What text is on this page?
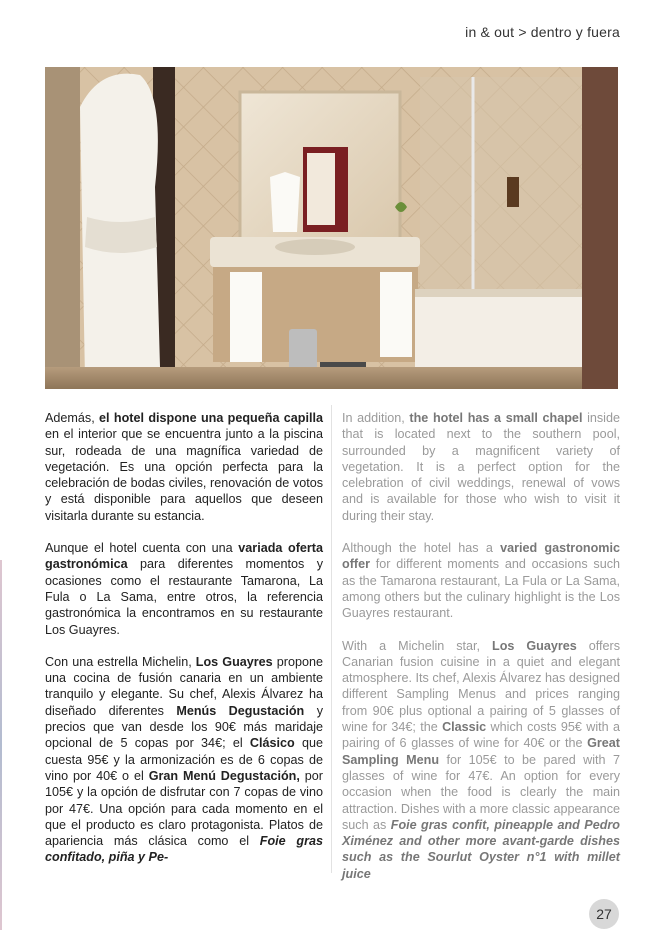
in & out > dentro y fuera

Además, el hotel dispone una pequeña capilla en el interior que se encuentra junto a la piscina sur, rodeada de una magnífica variedad de vegetación. Es una opción perfecta para la celebración de bodas civiles, renovación de votos y está disponible para aquellos que deseen visitarla durante su estancia.

Aunque el hotel cuenta con una variada oferta gastronómica para diferentes momentos y ocasiones como el restaurante Tamarona, La Fula o La Sama, entre otros, la referencia gastronómica la encontramos en su restaurante Los Guayres.

Con una estrella Michelin, Los Guayres propone una cocina de fusión canaria en un ambiente tranquilo y elegante. Su chef, Alexis Álvarez ha diseñado diferentes Menús Degustación y precios que van desde los 90€ más maridaje opcional de 5 copas por 34€; el Clásico que cuesta 95€ y la armonización es de 6 copas de vino por 40€ o el Gran Menú Degustación, por 105€ y la opción de disfrutar con 7 copas de vino por 47€. Una opción para cada momento en el que el producto es claro protagonista. Platos de apariencia más clásica como el Foie gras confitado, piña y Pe-

In addition, the hotel has a small chapel inside that is located next to the southern pool, surrounded by a magnificent variety of vegetation. It is a perfect option for the celebration of civil weddings, renewal of vows and is available for those who wish to visit it during their stay.

Although the hotel has a varied gastronomic offer for different moments and occasions such as the Tamarona restaurant, La Fula or La Sama, among others but the culinary highlight is the Los Guayres restaurant.

With a Michelin star, Los Guayres offers Canarian fusion cuisine in a quiet and elegant atmosphere. Its chef, Alexis Álvarez has designed different Sampling Menus and prices ranging from 90€ plus optional a pairing of 5 glasses of wine for 34€; the Classic which costs 95€ with a pairing of 6 glasses of wine for 40€ or the Great Sampling Menu for 105€ to be pared with 7 glasses of wine for 47€. An option for every occasion when the food is clearly the main attraction. Dishes with a more classic appearance such as Foie gras confit, pineapple and Pedro Ximénez and other more avant-garde dishes such as the Sourlut Oyster n°1 with millet juice

27
